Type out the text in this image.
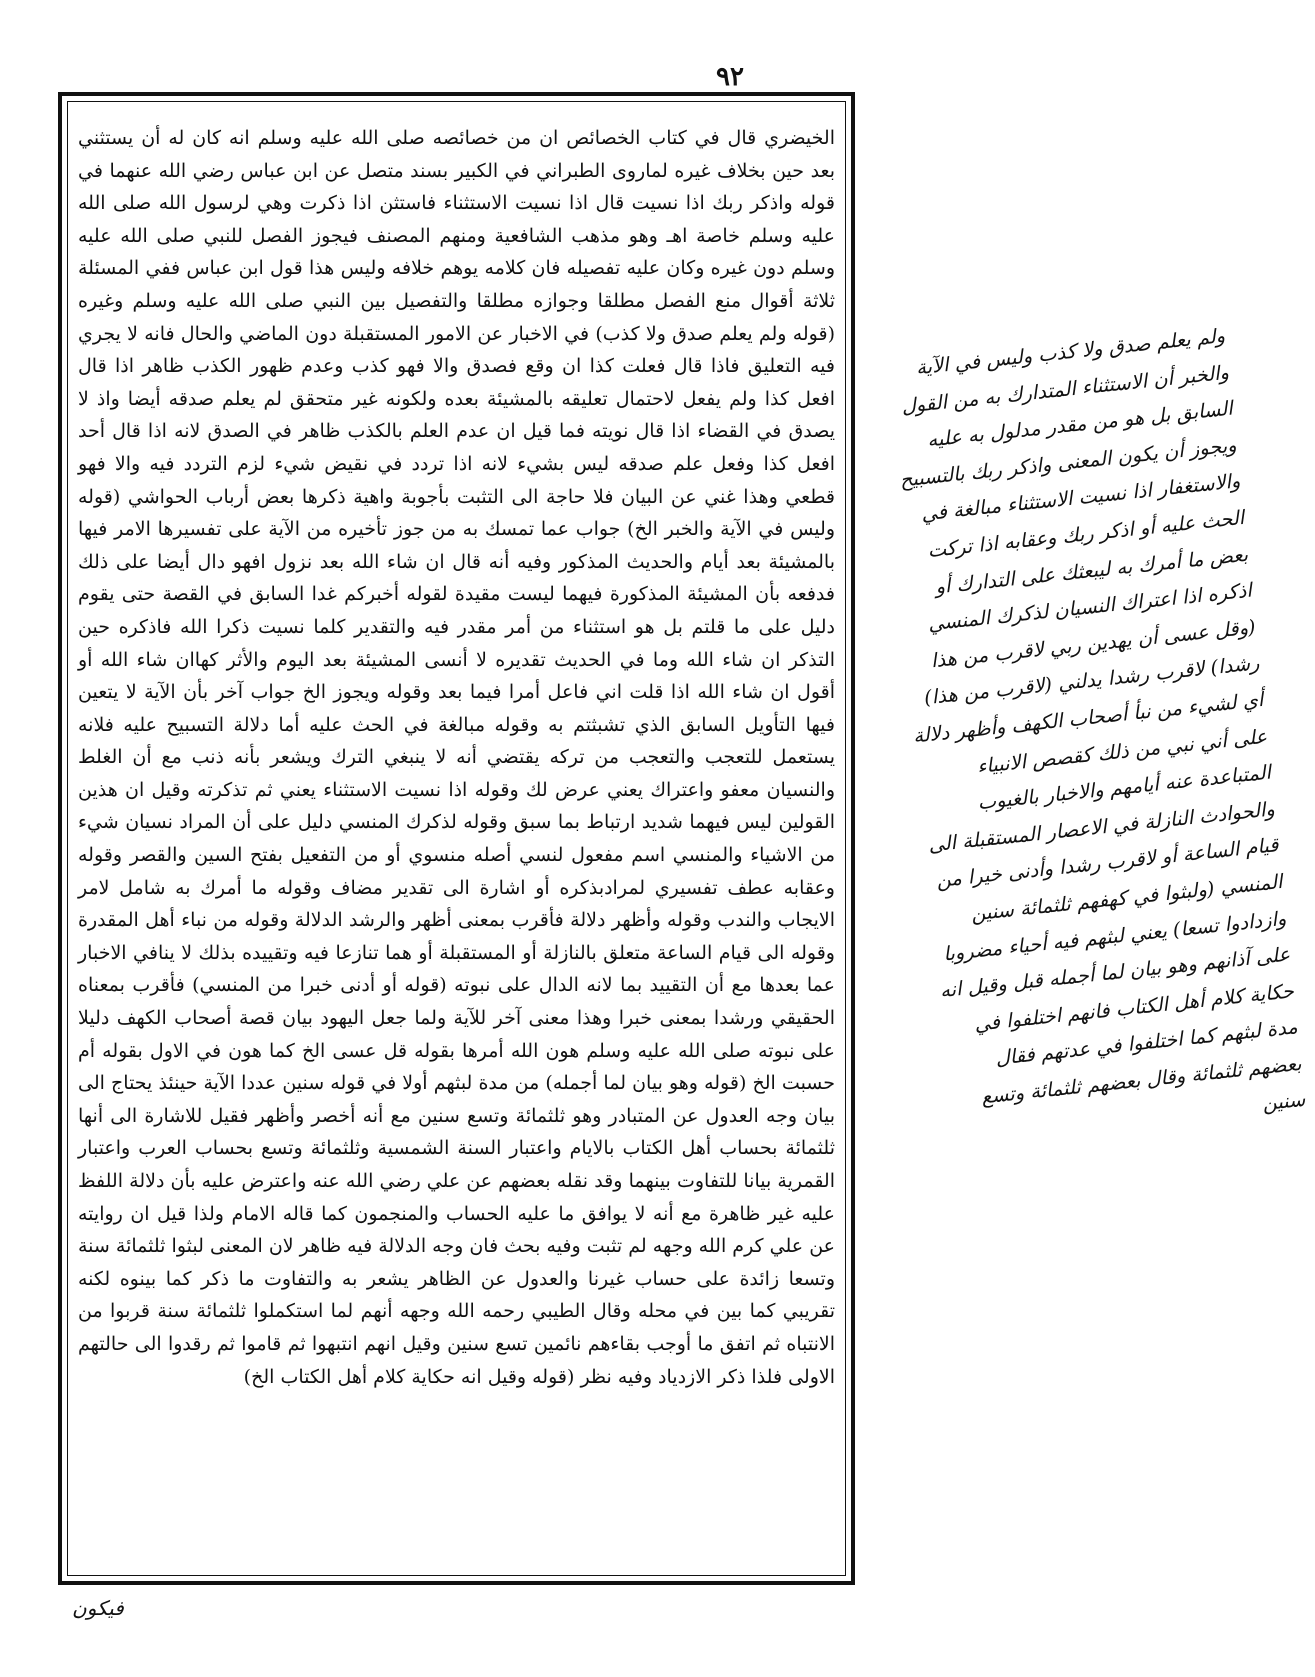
٩٢

الخيضري قال في كتاب الخصائص ان من خصائصه صلى الله عليه وسلم انه كان له أن يستثني بعد حين بخلاف غيره لماروى الطبراني في الكبير بسند متصل عن ابن عباس رضي الله عنهما في قوله واذكر ربك اذا نسيت قال اذا نسيت الاستثناء فاستثن اذا ذكرت وهي لرسول الله صلى الله عليه وسلم خاصة اهـ وهو مذهب الشافعية ومنهم المصنف فيجوز الفصل للنبي صلى الله عليه وسلم دون غيره وكان عليه تفصيله فان كلامه يوهم خلافه وليس هذا قول ابن عباس ففي المسئلة ثلاثة أقوال منع الفصل مطلقا وجوازه مطلقا والتفصيل بين النبي صلى الله عليه وسلم وغيره (قوله ولم يعلم صدق ولا كذب) في الاخبار عن الامور المستقبلة دون الماضي والحال فانه لا يجري فيه التعليق فاذا قال فعلت كذا ان وقع فصدق والا فهو كذب وعدم ظهور الكذب ظاهر اذا قال افعل كذا ولم يفعل لاحتمال تعليقه بالمشيئة بعده ولكونه غير متحقق لم يعلم صدقه أيضا واذ لا يصدق في القضاء اذا قال نويته فما قيل ان عدم العلم بالكذب ظاهر في الصدق لانه اذا قال أحد افعل كذا وفعل علم صدقه ليس بشيء لانه اذا تردد في نقيض شيء لزم التردد فيه والا فهو قطعي وهذا غني عن البيان فلا حاجة الى التثبت بأجوبة واهية ذكرها بعض أرباب الحواشي (قوله وليس في الآية والخبر الخ) جواب عما تمسك به من جوز تأخيره من الآية على تفسيرها الامر فيها بالمشيئة بعد أيام والحديث المذكور وفيه أنه قال ان شاء الله بعد نزول افهو دال أيضا على ذلك فدفعه بأن المشيئة المذكورة فيهما ليست مقيدة لقوله أخبركم غدا السابق في القصة حتى يقوم دليل على ما قلتم بل هو استثناء من أمر مقدر فيه والتقدير كلما نسيت ذكرا الله فاذكره حين التذكر ان شاء الله وما في الحديث تقديره لا أنسى المشيئة بعد اليوم والأثر كهاان شاء الله أو أقول ان شاء الله اذا قلت اني فاعل أمرا فيما بعد وقوله ويجوز الخ جواب آخر بأن الآية لا يتعين فيها التأويل السابق الذي تشبثتم به وقوله مبالغة في الحث عليه أما دلالة التسبيح عليه فلانه يستعمل للتعجب والتعجب من تركه يقتضي أنه لا ينبغي الترك ويشعر بأنه ذنب مع أن الغلط والنسيان معفو واعتراك يعني عرض لك وقوله اذا نسيت الاستثناء يعني ثم تذكرته وقيل ان هذين القولين ليس فيهما شديد ارتباط بما سبق وقوله لذكرك المنسي دليل على أن المراد نسيان شيء من الاشياء والمنسي اسم مفعول لنسي أصله منسوي أو من التفعيل بفتح السين والقصر وقوله وعقابه عطف تفسيري لمرادبذكره أو اشارة الى تقدير مضاف وقوله ما أمرك به شامل لامر الايجاب والندب وقوله وأظهر دلالة فأقرب بمعنى أظهر والرشد الدلالة وقوله من نباء أهل المقدرة وقوله الى قيام الساعة متعلق بالنازلة أو المستقبلة أو هما تنازعا فيه وتقييده بذلك لا ينافي الاخبار عما بعدها مع أن التقييد بما لانه الدال على نبوته (قوله أو أدنى خبرا من المنسي) فأقرب بمعناه الحقيقي ورشدا بمعنى خبرا وهذا معنى آخر للآية ولما جعل اليهود بيان قصة أصحاب الكهف دليلا على نبوته صلى الله عليه وسلم هون الله أمرها بقوله قل عسى الخ كما هون في الاول بقوله أم حسبت الخ (قوله وهو بيان لما أجمله) من مدة لبثهم أولا في قوله سنين عددا الآية حينئذ يحتاج الى بيان وجه العدول عن المتبادر وهو ثلثمائة وتسع سنين مع أنه أخصر وأظهر فقيل للاشارة الى أنها ثلثمائة بحساب أهل الكتاب بالايام واعتبار السنة الشمسية وثلثمائة وتسع بحساب العرب واعتبار القمرية بيانا للتفاوت بينهما وقد نقله بعضهم عن علي رضي الله عنه واعترض عليه بأن دلالة اللفظ عليه غير ظاهرة مع أنه لا يوافق ما عليه الحساب والمنجمون كما قاله الامام ولذا قيل ان روايته عن علي كرم الله وجهه لم تثبت وفيه بحث فان وجه الدلالة فيه ظاهر لان المعنى لبثوا ثلثمائة سنة وتسعا زائدة على حساب غيرنا والعدول عن الظاهر يشعر به والتفاوت ما ذكر كما بينوه لكنه تقريبي كما بين في محله وقال الطيبي رحمه الله وجهه أنهم لما استكملوا ثلثمائة سنة قربوا من الانتباه ثم اتفق ما أوجب بقاءهم نائمين تسع سنين وقيل انهم انتبهوا ثم قاموا ثم رقدوا الى حالتهم الاولى فلذا ذكر الازدياد وفيه نظر (قوله وقيل انه حكاية كلام أهل الكتاب الخ)

ولم يعلم صدق ولا كذب وليس في الآية والخبر أن الاستثناء المتدارك به من القول السابق بل هو من مقدر مدلول به عليه ويجوز أن يكون المعنى واذكر ربك بالتسبيح والاستغفار اذا نسيت الاستثناء مبالغة في الحث عليه أو اذكر ربك وعقابه اذا تركت بعض ما أمرك به ليبعثك على التدارك أو اذكره اذا اعتراك النسيان لذكرك المنسي (وقل عسى أن يهدين ربي لاقرب من هذا رشدا) لاقرب رشدا يدلني (لاقرب من هذا) أي لشيء من نبأ أصحاب الكهف وأظهر دلالة على أني نبي من ذلك كقصص الانبياء المتباعدة عنه أيامهم والاخبار بالغيوب والحوادث النازلة في الاعصار المستقبلة الى قيام الساعة أو لاقرب رشدا وأدنى خيرا من المنسي (ولبثوا في كهفهم ثلثمائة سنين وازدادوا تسعا) يعني لبثهم فيه أحياء مضروبا على آذانهم وهو بيان لما أجمله قبل وقيل انه حكاية كلام أهل الكتاب فانهم اختلفوا في مدة لبثهم كما اختلفوا في عدتهم فقال بعضهم ثلثمائة وقال بعضهم ثلثمائة وتسع سنين
فيكون
